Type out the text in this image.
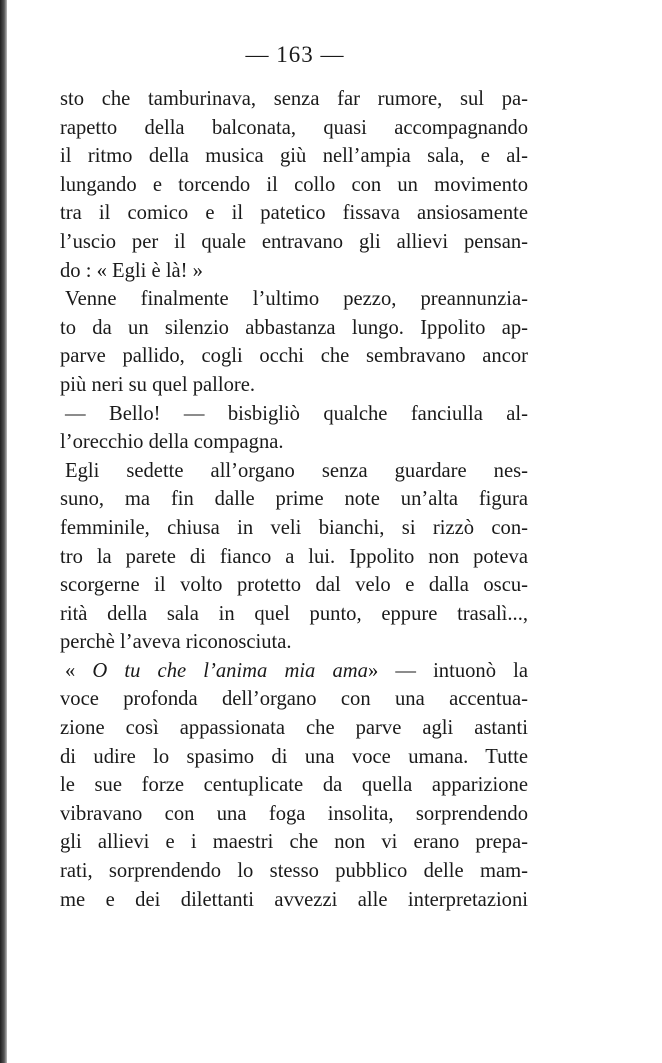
— 163 —
sto che tamburinava, senza far rumore, sul pa-
rapetto della balconata, quasi accompagnando
il ritmo della musica giù nell’ampia sala, e al-
lungando e torcendo il collo con un movimento
tra il comico e il patetico fissava ansiosamente
l’uscio per il quale entravano gli allievi pensan-
do : « Egli è là! »
Venne finalmente l’ultimo pezzo, preannunzia-
to da un silenzio abbastanza lungo. Ippolito ap-
parve pallido, cogli occhi che sembravano ancor
più neri su quel pallore.
— Bello! — bisbigliò qualche fanciulla al-
l’orecchio della compagna.
Egli sedette all’organo senza guardare nes-
suno, ma fin dalle prime note un’alta figura
femminile, chiusa in veli bianchi, si rizzò con-
tro la parete di fianco a lui. Ippolito non poteva
scorgerne il volto protetto dal velo e dalla oscu-
rità della sala in quel punto, eppure trasalì...,
perchè l’aveva riconosciuta.
« O tu che l’anima mia ama» — intuonò la
voce profonda dell’organo con una accentua-
zione così appassionata che parve agli astanti
di udire lo spasimo di una voce umana. Tutte
le sue forze centuplicate da quella apparizione
vibravano con una foga insolita, sorprendendo
gli allievi e i maestri che non vi erano prepa-
rati, sorprendendo lo stesso pubblico delle mam-
me e dei dilettanti avvezzi alle interpretazioni
